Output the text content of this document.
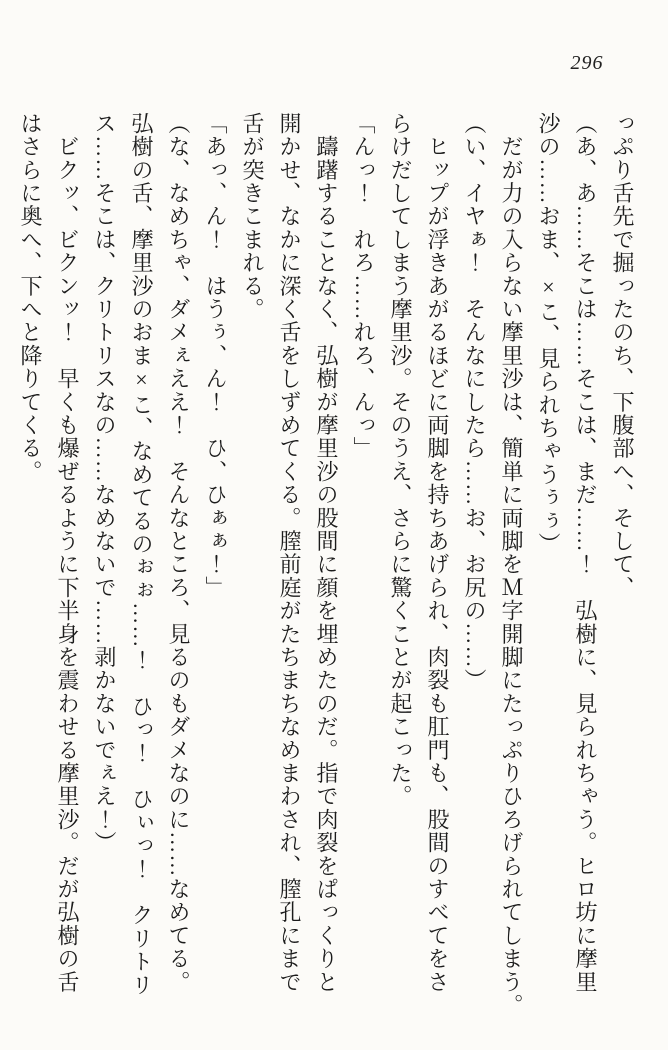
296
っぷり舌先で掘ったのち、下腹部へ、そして、
（あ、あ……そこは……そこは、まだ……！　弘樹に、見られちゃう。ヒロ坊に摩里
沙の……おま、×こ、見られちゃうぅぅ）
　だが力の入らない摩里沙は、簡単に両脚をＭ字開脚にたっぷりひろげられてしまう。
（い、イヤぁ！　そんなにしたら……お、お尻の……）
　ヒップが浮きあがるほどに両脚を持ちあげられ、肉裂も肛門も、股間のすべてをさ
らけだしてしまう摩里沙。そのうえ、さらに驚くことが起こった。
「んっ！　れろ……れろ、んっ」
　躊躇することなく、弘樹が摩里沙の股間に顔を埋めたのだ。指で肉裂をぱっくりと
開かせ、なかに深く舌をしずめてくる。膣前庭がたちまちなめまわされ、膣孔にまで
舌が突きこまれる。
「あっ、ん！　はうぅ、ん！　ひ、ひぁぁ！」
（な、なめちゃ、ダメぇええ！　そんなところ、見るのもダメなのに……なめてる。
弘樹の舌、摩里沙のおま×こ、なめてるのぉぉ……！　ひっ！　ひぃっ！　クリトリ
ス……そこは、クリトリスなの……なめないで……剥かないでぇえ！）
　ビクッ、ビクンッ！　早くも爆ぜるように下半身を震わせる摩里沙。だが弘樹の舌
はさらに奥へ、下へと降りてくる。
